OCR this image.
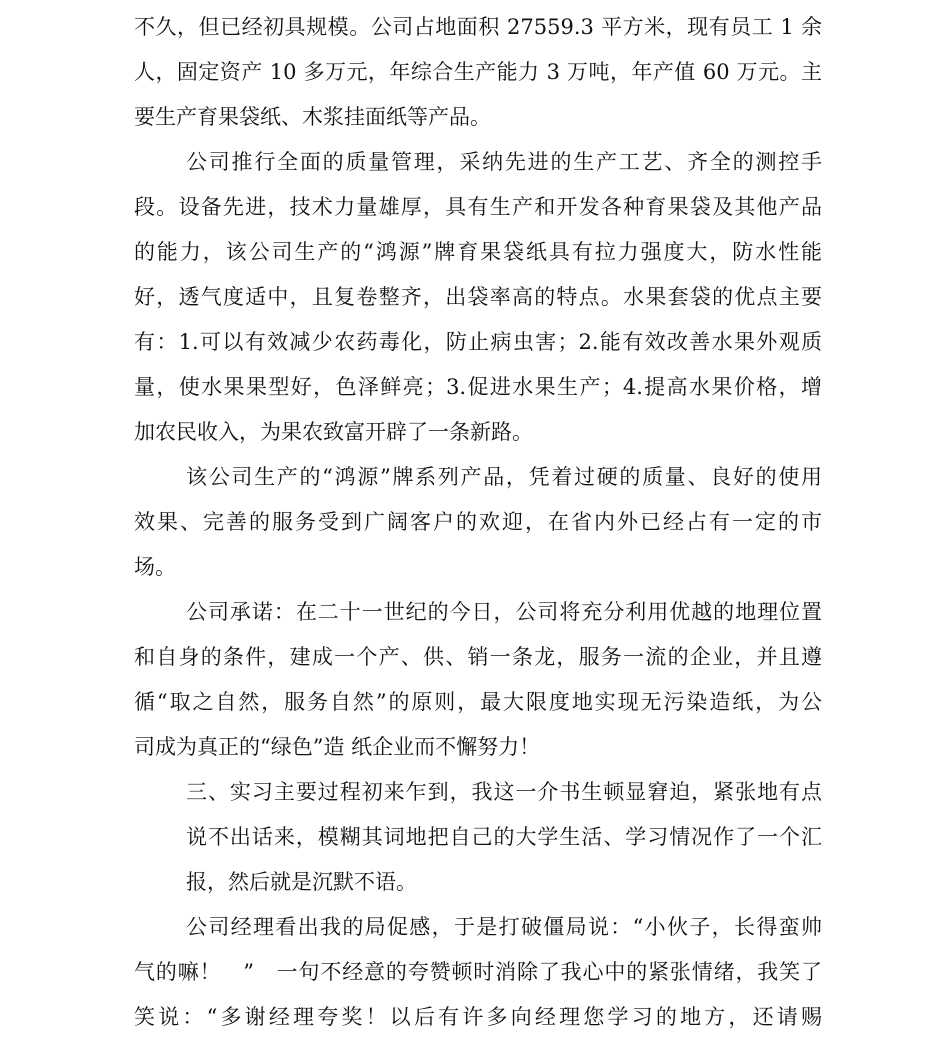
不久，但已经初具规模。公司占地面积 27559.3 平方米，现有员工 1 余
人，固定资产 10 多万元，年综合生产能力 3 万吨，年产值 60 万元。主
要生产育果袋纸、木浆挂面纸等产品。
公司推行全面的质量管理，采纳先进的生产工艺、齐全的测控手
段。设备先进，技术力量雄厚，具有生产和开发各种育果袋及其他产品
的能力，该公司生产的“鸿源”牌育果袋纸具有拉力强度大，防水性能
好，透气度适中，且复卷整齐，出袋率高的特点。水果套袋的优点主要
有：1.可以有效减少农药毒化，防止病虫害；2.能有效改善水果外观质
量，使水果果型好，色泽鲜亮；3.促进水果生产；4.提高水果价格，增
加农民收入，为果农致富开辟了一条新路。
该公司生产的“鸿源”牌系列产品，凭着过硬的质量、良好的使用
效果、完善的服务受到广阔客户的欢迎，在省内外已经占有一定的市
场。
公司承诺：在二十一世纪的今日，公司将充分利用优越的地理位置
和自身的条件，建成一个产、供、销一条龙，服务一流的企业，并且遵
循“取之自然，服务自然”的原则，最大限度地实现无污染造纸，为公
司成为真正的“绿色”造 纸企业而不懈努力！
三、实习主要过程初来乍到，我这一介书生顿显窘迫，紧张地有点
说不出话来，模糊其词地把自己的大学生活、学习情况作了一个汇
报，然后就是沉默不语。
公司经理看出我的局促感，于是打破僵局说：“小伙子，长得蛮帅
气的嘛！　”　一句不经意的夸赞顿时消除了我心中的紧张情绪，我笑了
笑说：“多谢经理夸奖！以后有许多向经理您学习的地方，还请赐
